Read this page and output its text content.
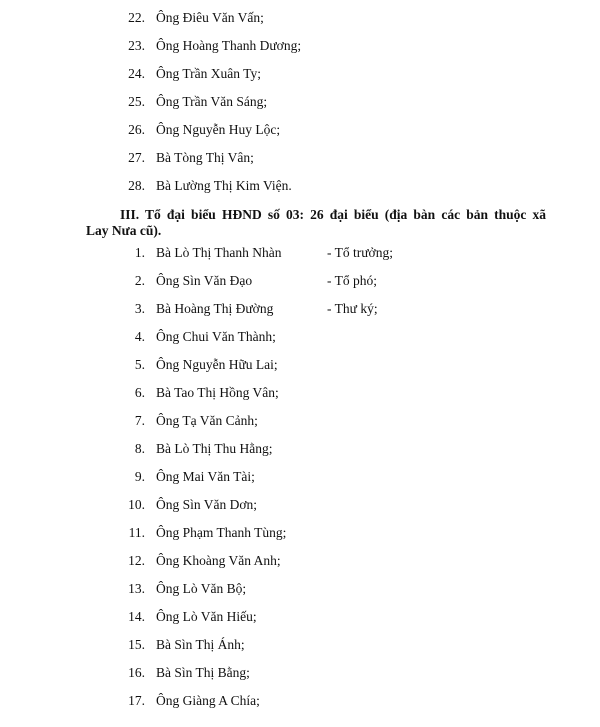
22. Ông Điêu Văn Vấn;
23. Ông Hoàng Thanh Dương;
24. Ông Trần Xuân Ty;
25. Ông Trần Văn Sáng;
26. Ông Nguyễn Huy Lộc;
27. Bà Tòng Thị Vân;
28. Bà Lường Thị Kim Viện.
III. Tổ đại biểu HĐND số 03: 26 đại biểu (địa bàn các bản thuộc xã
Lay Nưa cũ).
1. Bà Lò Thị Thanh Nhàn	- Tổ trưởng;
2. Ông Sìn Văn Đạo	- Tổ phó;
3. Bà Hoàng Thị Đường	- Thư ký;
4. Ông Chui Văn Thành;
5. Ông Nguyễn Hữu Lai;
6. Bà Tao Thị Hồng Vân;
7. Ông Tạ Văn Cảnh;
8. Bà Lò Thị Thu Hằng;
9. Ông Mai Văn Tài;
10. Ông Sìn Văn Dơn;
11. Ông Phạm Thanh Tùng;
12. Ông Khoàng Văn Anh;
13. Ông Lò Văn Bộ;
14. Ông Lò Văn Hiếu;
15. Bà Sìn Thị Ánh;
16. Bà Sìn Thị Bằng;
17. Ông Giàng A Chía;
